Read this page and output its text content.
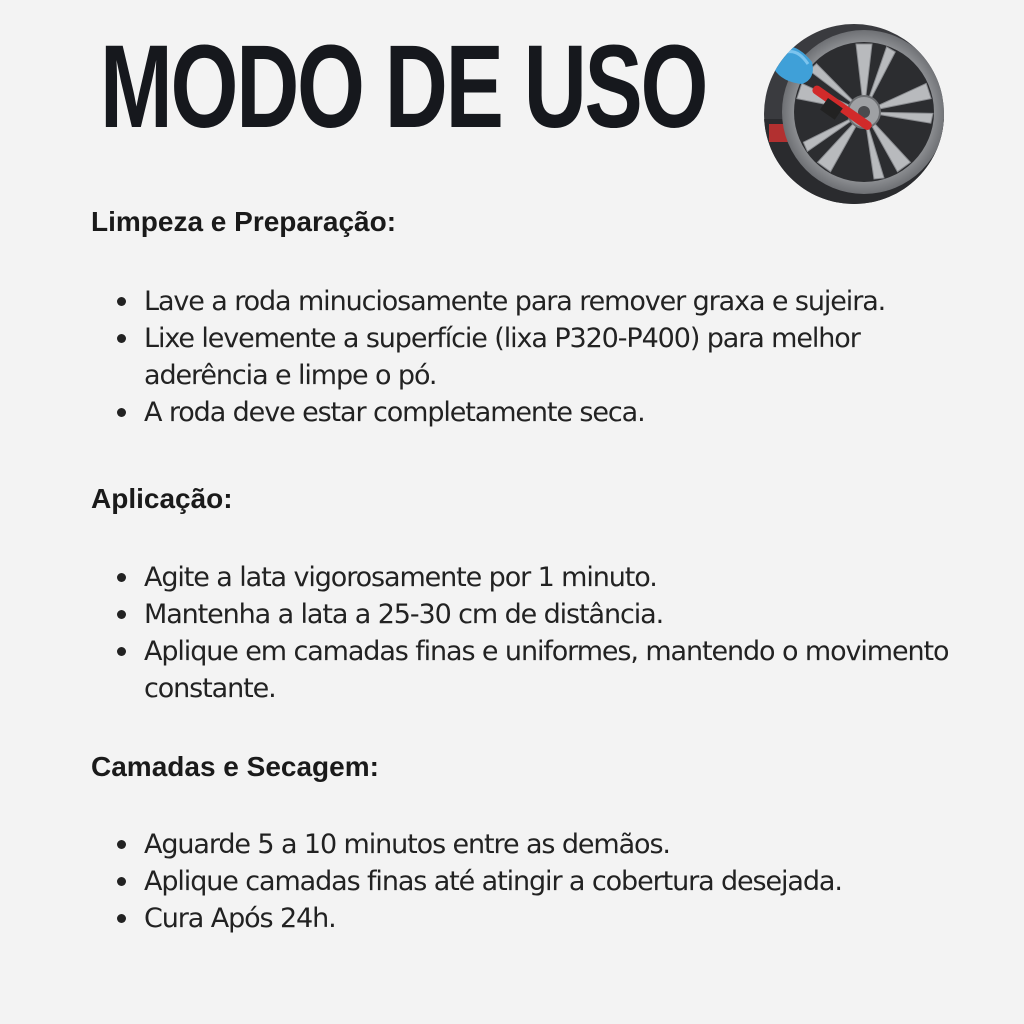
MODO DE USO
Limpeza e Preparação:
Lave a roda minuciosamente para remover graxa e sujeira.
Lixe levemente a superfície (lixa P320-P400) para melhor aderência e limpe o pó.
A roda deve estar completamente seca.
Aplicação:
Agite a lata vigorosamente por 1 minuto.
Mantenha a lata a 25-30 cm de distância.
Aplique em camadas finas e uniformes, mantendo o movimento constante.
Camadas e Secagem:
Aguarde 5 a 10 minutos entre as demãos.
Aplique camadas finas até atingir a cobertura desejada.
Cura Após 24h.
